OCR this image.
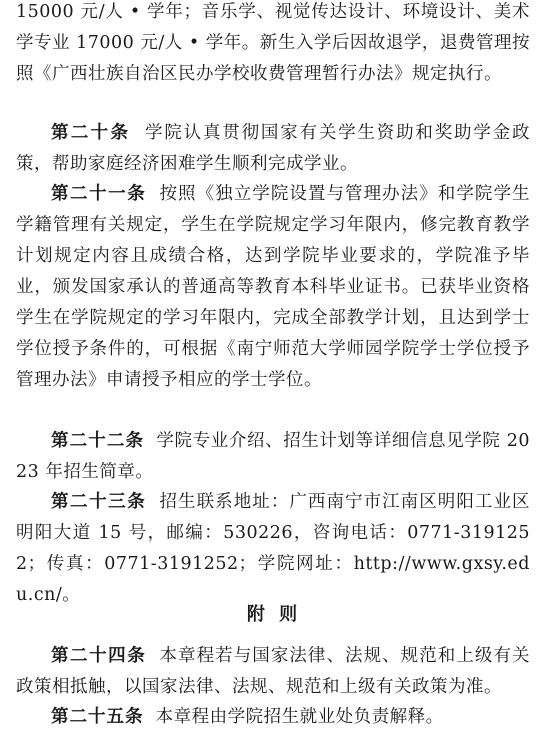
15000 元/人 • 学年；音乐学、视觉传达设计、环境设计、美术学专业 17000 元/人 • 学年。新生入学后因故退学，退费管理按照《广西壮族自治区民办学校收费管理暂行办法》规定执行。

第二十条 学院认真贯彻国家有关学生资助和奖助学金政策，帮助家庭经济困难学生顺利完成学业。

第二十一条 按照《独立学院设置与管理办法》和学院学生学籍管理有关规定，学生在学院规定学习年限内，修完教育教学计划规定内容且成绩合格，达到学院毕业要求的，学院准予毕业，颁发国家承认的普通高等教育本科毕业证书。已获毕业资格学生在学院规定的学习年限内，完成全部教学计划，且达到学士学位授予条件的，可根据《南宁师范大学师园学院学士学位授予管理办法》申请授予相应的学士学位。

第二十二条 学院专业介绍、招生计划等详细信息见学院 2023 年招生简章。

第二十三条 招生联系地址：广西南宁市江南区明阳工业区明阳大道 15 号，邮编：530226，咨询电话：0771-3191252；传真：0771-3191252；学院网址：http://www.gxsy.edu.cn/。

附 则

第二十四条 本章程若与国家法律、法规、规范和上级有关政策相抵触，以国家法律、法规、规范和上级有关政策为准。

第二十五条 本章程由学院招生就业处负责解释。
